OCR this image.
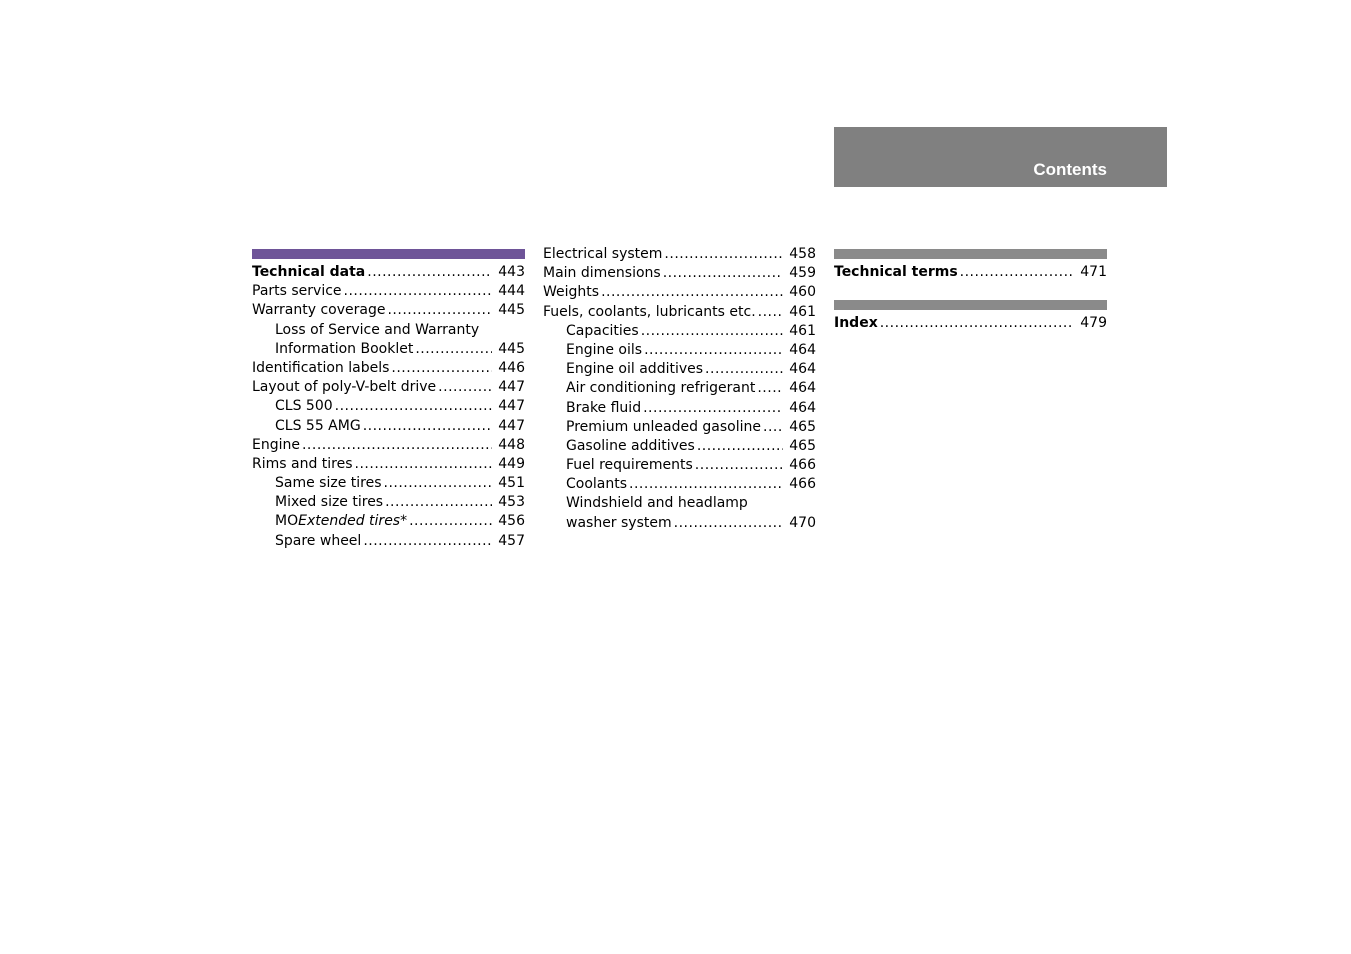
Contents
Technical data .....	443
Parts service .....	444
Warranty coverage .....	445
Loss of Service and Warranty
Information Booklet .....	445
Identification labels .....	446
Layout of poly-V-belt drive .....	447
CLS 500 .....	447
CLS 55 AMG .....	447
Engine .....	448
Rims and tires .....	449
Same size tires .....	451
Mixed size tires .....	453
MOExtended tires* .....	456
Spare wheel .....	457
Electrical system .....	458
Main dimensions .....	459
Weights .....	460
Fuels, coolants, lubricants etc. ..... 461
Capacities .....	461
Engine oils .....	464
Engine oil additives .....	464
Air conditioning refrigerant ..... 464
Brake fluid .....	464
Premium unleaded gasoline ..... 465
Gasoline additives .....	465
Fuel requirements .....	466
Coolants .....	466
Windshield and headlamp
washer system .....	470
Technical terms .....	471
Index .....	479
